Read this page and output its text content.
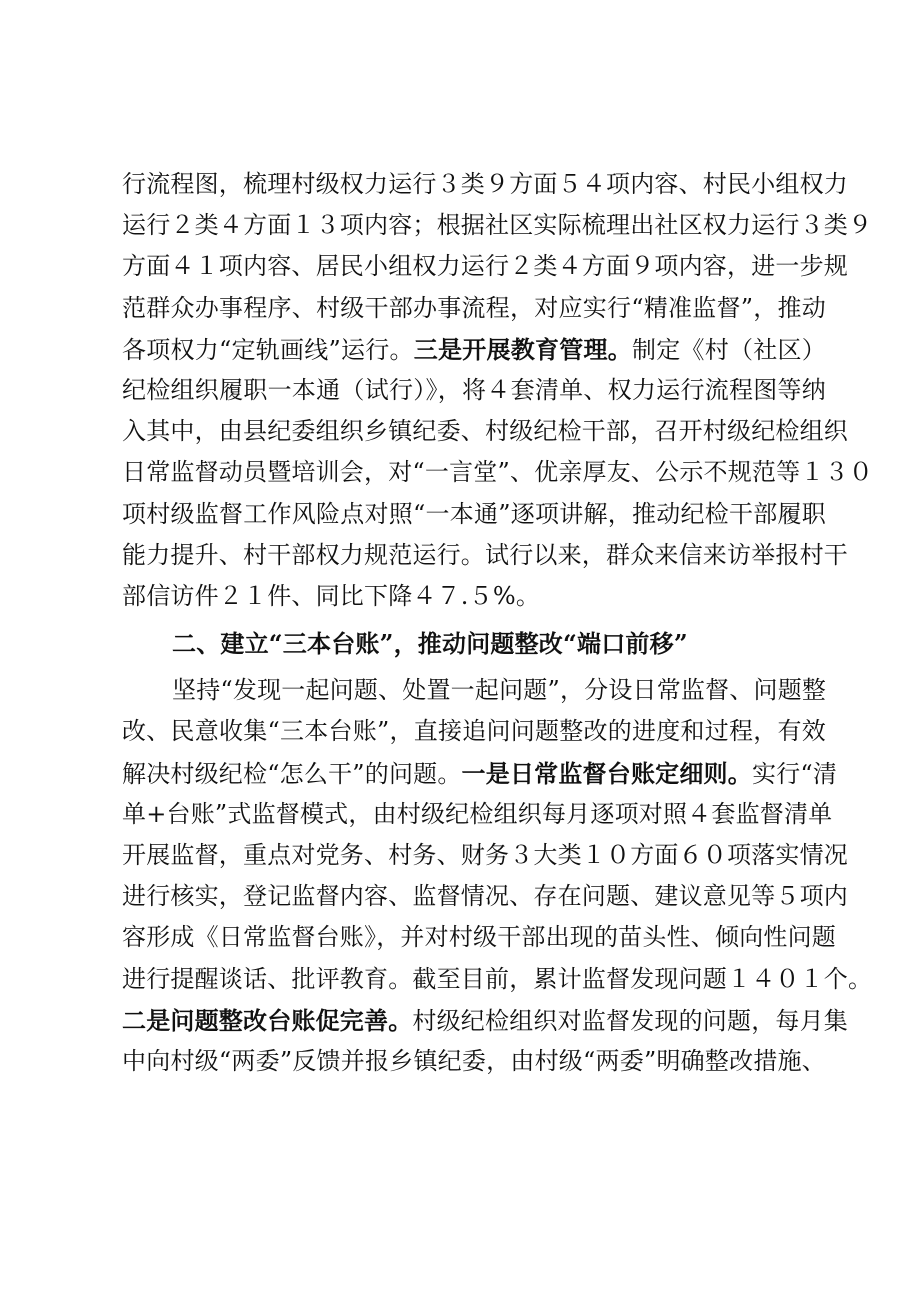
行流程图，梳理村级权力运行３类９方面５４项内容、村民小组权力
运行２类４方面１３项内容；根据社区实际梳理出社区权力运行３类９
方面４１项内容、居民小组权力运行２类４方面９项内容，进一步规
范群众办事程序、村级干部办事流程，对应实行“精准监督”，推动
各项权力“定轨画线”运行。三是开展教育管理。制定《村（社区）
纪检组织履职一本通（试行）》，将４套清单、权力运行流程图等纳
入其中，由县纪委组织乡镇纪委、村级纪检干部，召开村级纪检组织
日常监督动员暨培训会，对“一言堂”、优亲厚友、公示不规范等１３０
项村级监督工作风险点对照“一本通”逐项讲解，推动纪检干部履职
能力提升、村干部权力规范运行。试行以来，群众来信来访举报村干
部信访件２１件、同比下降４７.５%。
二、建立“三本台账”，推动问题整改“端口前移”
坚持“发现一起问题、处置一起问题”，分设日常监督、问题整
改、民意收集“三本台账”，直接追问问题整改的进度和过程，有效
解决村级纪检“怎么干”的问题。一是日常监督台账定细则。实行“清
单+台账”式监督模式，由村级纪检组织每月逐项对照４套监督清单
开展监督，重点对党务、村务、财务３大类１０方面６０项落实情况
进行核实，登记监督内容、监督情况、存在问题、建议意见等５项内
容形成《日常监督台账》，并对村级干部出现的苗头性、倾向性问题
进行提醒谈话、批评教育。截至目前，累计监督发现问题１４０１个。
二是问题整改台账促完善。村级纪检组织对监督发现的问题，每月集
中向村级“两委”反馈并报乡镇纪委，由村级“两委”明确整改措施、
